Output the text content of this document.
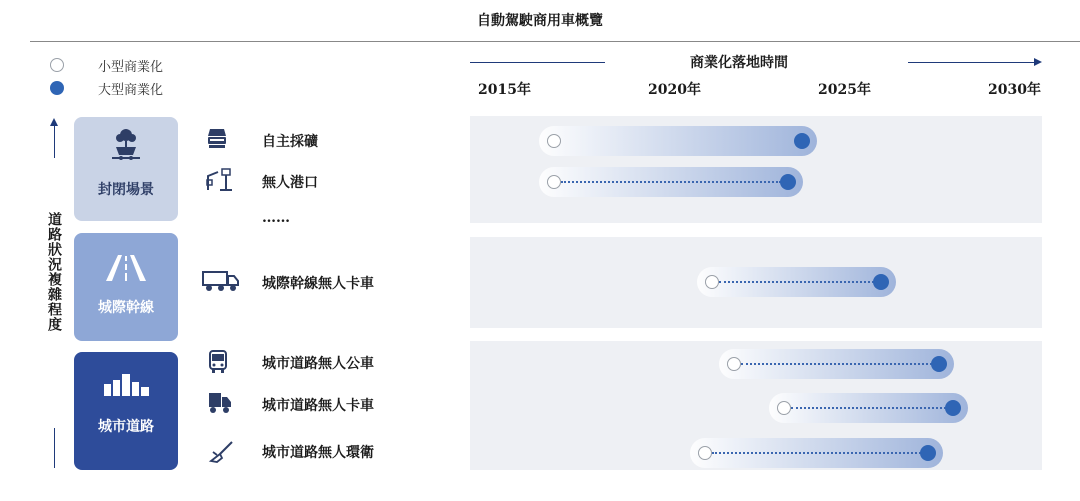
自動駕駛商用車概覽
小型商業化
大型商業化
商業化落地時間
2015年	2020年	2025年	2030年
道路狀況複雜程度
封閉場景
城際幹線
城市道路
自主採礦
無人港口
……
城際幹線無人卡車
城市道路無人公車
城市道路無人卡車
城市道路無人環衛
